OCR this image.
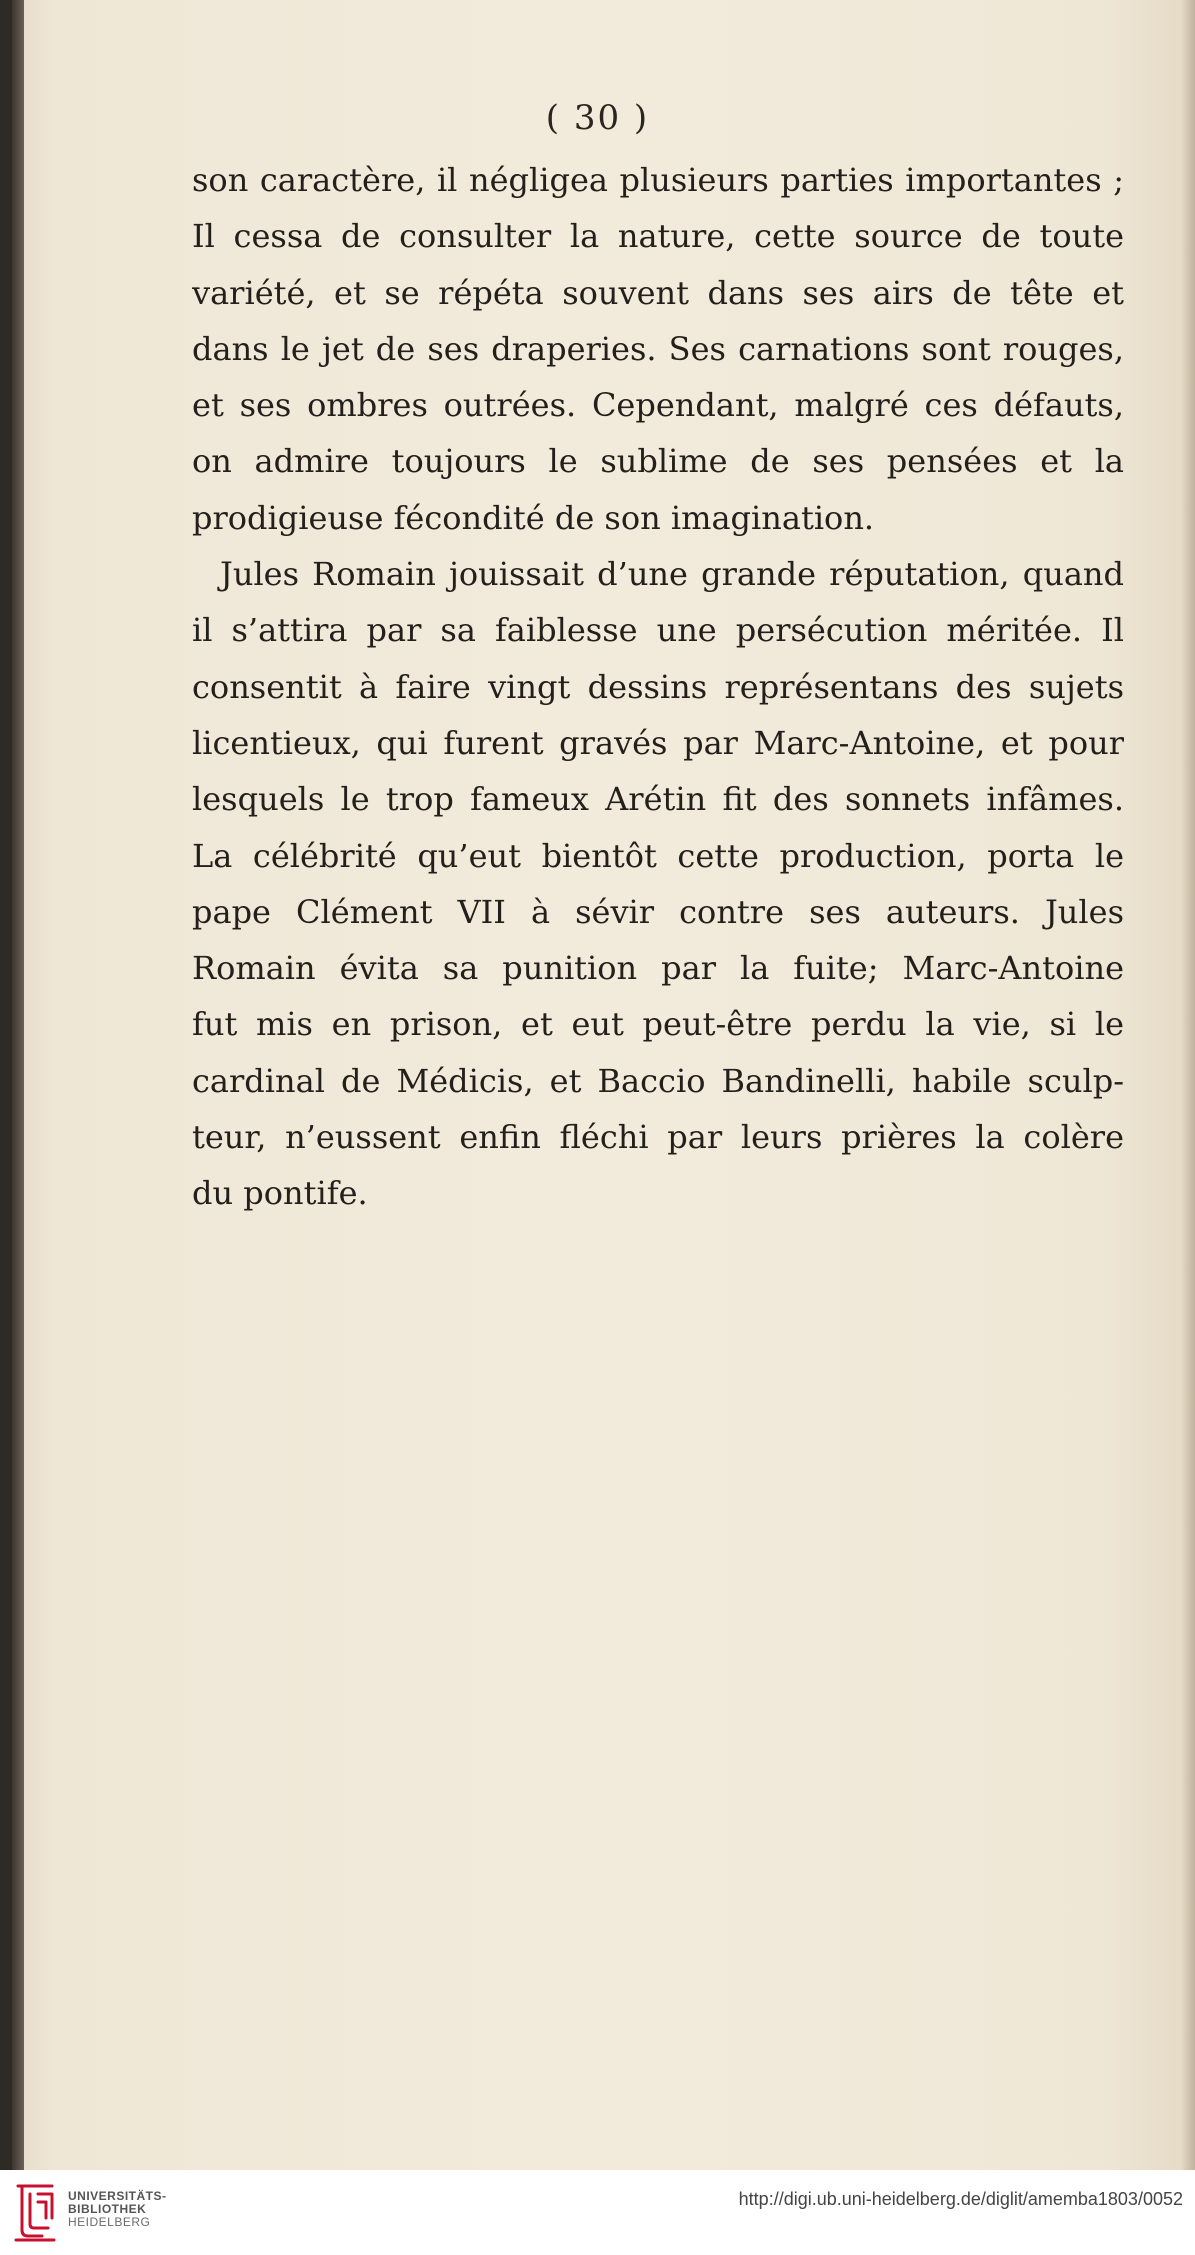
( 30 )
son caractère, il négligea plusieurs parties importantes ;
Il cessa de consulter la nature, cette source de toute
variété, et se répéta souvent dans ses airs de tête et
dans le jet de ses draperies. Ses carnations sont rouges,
et ses ombres outrées. Cependant, malgré ces défauts,
on admire toujours le sublime de ses pensées et la
prodigieuse fécondité de son imagination.
Jules Romain jouissait d’une grande réputation, quand
il s’attira par sa faiblesse une persécution méritée. Il
consentit à faire vingt dessins représentans des sujets
licentieux, qui furent gravés par Marc-Antoine, et pour
lesquels le trop fameux Arétin fit des sonnets infâmes.
La célébrité qu’eut bientôt cette production, porta le
pape Clément VII à sévir contre ses auteurs. Jules
Romain évita sa punition par la fuite; Marc-Antoine
fut mis en prison, et eut peut-être perdu la vie, si le
cardinal de Médicis, et Baccio Bandinelli, habile sculp-
teur, n’eussent enfin fléchi par leurs prières la colère
du pontife.
UNIVERSITÄTS-
BIBLIOTHEK
HEIDELBERG
http://digi.ub.uni-heidelberg.de/diglit/amemba1803/0052
